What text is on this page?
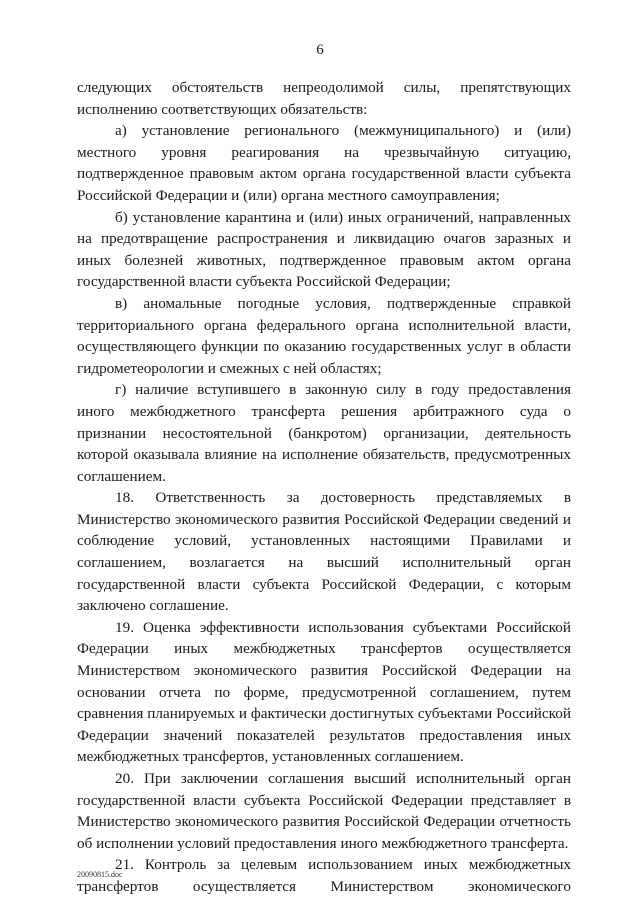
6

следующих обстоятельств непреодолимой силы, препятствующих исполнению соответствующих обязательств:

а) установление регионального (межмуниципального) и (или) местного уровня реагирования на чрезвычайную ситуацию, подтвержденное правовым актом органа государственной власти субъекта Российской Федерации и (или) органа местного самоуправления;

б) установление карантина и (или) иных ограничений, направленных на предотвращение распространения и ликвидацию очагов заразных и иных болезней животных, подтвержденное правовым актом органа государственной власти субъекта Российской Федерации;

в) аномальные погодные условия, подтвержденные справкой территориального органа федерального органа исполнительной власти, осуществляющего функции по оказанию государственных услуг в области гидрометеорологии и смежных с ней областях;

г) наличие вступившего в законную силу в году предоставления иного межбюджетного трансферта решения арбитражного суда о признании несостоятельной (банкротом) организации, деятельность которой оказывала влияние на исполнение обязательств, предусмотренных соглашением.

18. Ответственность за достоверность представляемых в Министерство экономического развития Российской Федерации сведений и соблюдение условий, установленных настоящими Правилами и соглашением, возлагается на высший исполнительный орган государственной власти субъекта Российской Федерации, с которым заключено соглашение.

19. Оценка эффективности использования субъектами Российской Федерации иных межбюджетных трансфертов осуществляется Министерством экономического развития Российской Федерации на основании отчета по форме, предусмотренной соглашением, путем сравнения планируемых и фактически достигнутых субъектами Российской Федерации значений показателей результатов предоставления иных межбюджетных трансфертов, установленных соглашением.

20. При заключении соглашения высший исполнительный орган государственной власти субъекта Российской Федерации представляет в Министерство экономического развития Российской Федерации отчетность об исполнении условий предоставления иного межбюджетного трансферта.

21. Контроль за целевым использованием иных межбюджетных трансфертов осуществляется Министерством экономического

20090815.doc
